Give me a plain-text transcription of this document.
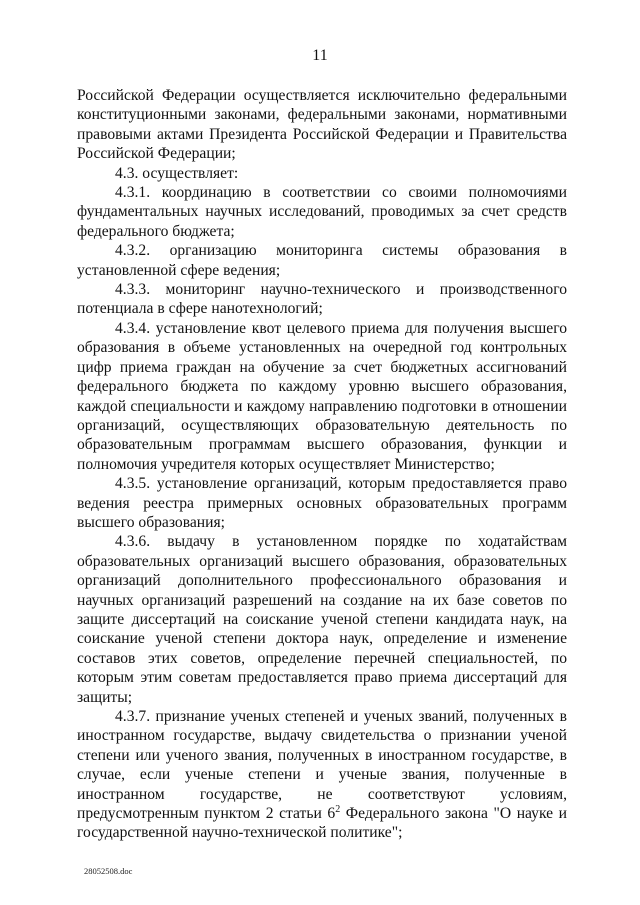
11

Российской Федерации осуществляется исключительно федеральными конституционными законами, федеральными законами, нормативными правовыми актами Президента Российской Федерации и Правительства Российской Федерации;

4.3. осуществляет:

4.3.1. координацию в соответствии со своими полномочиями фундаментальных научных исследований, проводимых за счет средств федерального бюджета;

4.3.2. организацию мониторинга системы образования в установленной сфере ведения;

4.3.3. мониторинг научно-технического и производственного потенциала в сфере нанотехнологий;

4.3.4. установление квот целевого приема для получения высшего образования в объеме установленных на очередной год контрольных цифр приема граждан на обучение за счет бюджетных ассигнований федерального бюджета по каждому уровню высшего образования, каждой специальности и каждому направлению подготовки в отношении организаций, осуществляющих образовательную деятельность по образовательным программам высшего образования, функции и полномочия учредителя которых осуществляет Министерство;

4.3.5. установление организаций, которым предоставляется право ведения реестра примерных основных образовательных программ высшего образования;

4.3.6. выдачу в установленном порядке по ходатайствам образовательных организаций высшего образования, образовательных организаций дополнительного профессионального образования и научных организаций разрешений на создание на их базе советов по защите диссертаций на соискание ученой степени кандидата наук, на соискание ученой степени доктора наук, определение и изменение составов этих советов, определение перечней специальностей, по которым этим советам предоставляется право приема диссертаций для защиты;

4.3.7. признание ученых степеней и ученых званий, полученных в иностранном государстве, выдачу свидетельства о признании ученой степени или ученого звания, полученных в иностранном государстве, в случае, если ученые степени и ученые звания, полученные в иностранном государстве, не соответствуют условиям, предусмотренным пунктом 2 статьи $6^2$ Федерального закона "О науке и государственной научно-технической политике";

28052508.doc
